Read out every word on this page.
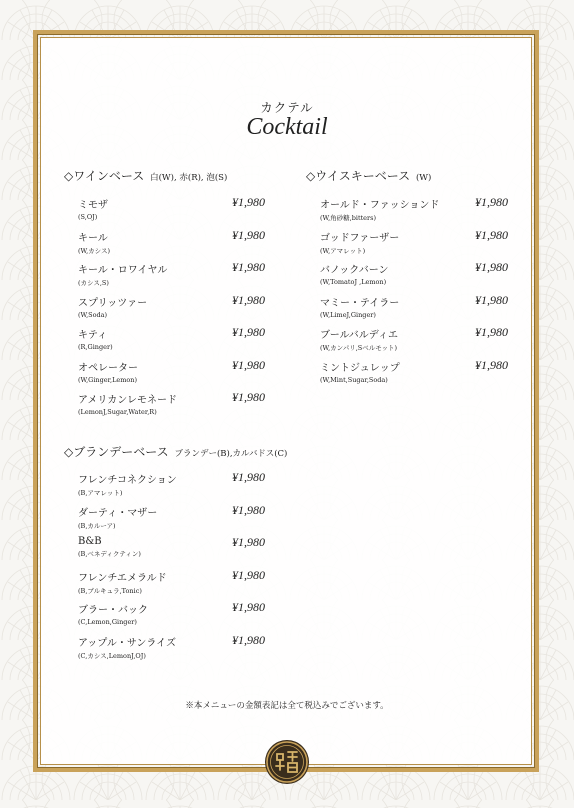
カクテル
Cocktail
◇ワインベース 白(W), 赤(R), 泡(S)
ミモザ
(S,OJ)
¥1,980
キール
(W,カシス)
¥1,980
キール・ロワイヤル
(カシス,S)
¥1,980
スプリッツァー
(W,Soda)
¥1,980
キティ
(R,Ginger)
¥1,980
オペレーター
(W,Ginger,Lemon)
¥1,980
アメリカンレモネード
(LemonJ,Sugar,Water,R)
¥1,980
◇ウイスキーベース (W)
オールド・ファッションド
(W,角砂糖,bitters)
¥1,980
ゴッドファーザー
(W,アマレット)
¥1,980
バノックバーン
(W,TomatoJ ,Lemon)
¥1,980
マミー・テイラー
(W,LimeJ,Ginger)
¥1,980
ブールバルディエ
(W,カンパリ,Sベルモット)
¥1,980
ミントジュレップ
(W,Mint,Sugar,Soda)
¥1,980
◇ブランデーベース ブランデー(B),カルバドス(C)
フレンチコネクション
(B,アマレット)
¥1,980
ダーティ・マザー
(B,カルーア)
¥1,980
B&B
(B,ベネディクティン)
¥1,980
フレンチエメラルド
(B,ブルキュラ,Tonic)
¥1,980
ブラー・バック
(C,Lemon,Ginger)
¥1,980
アップル・サンライズ
(C,カシス,LemonJ,OJ)
¥1,980
※本メニューの金額表記は全て税込みでございます。
